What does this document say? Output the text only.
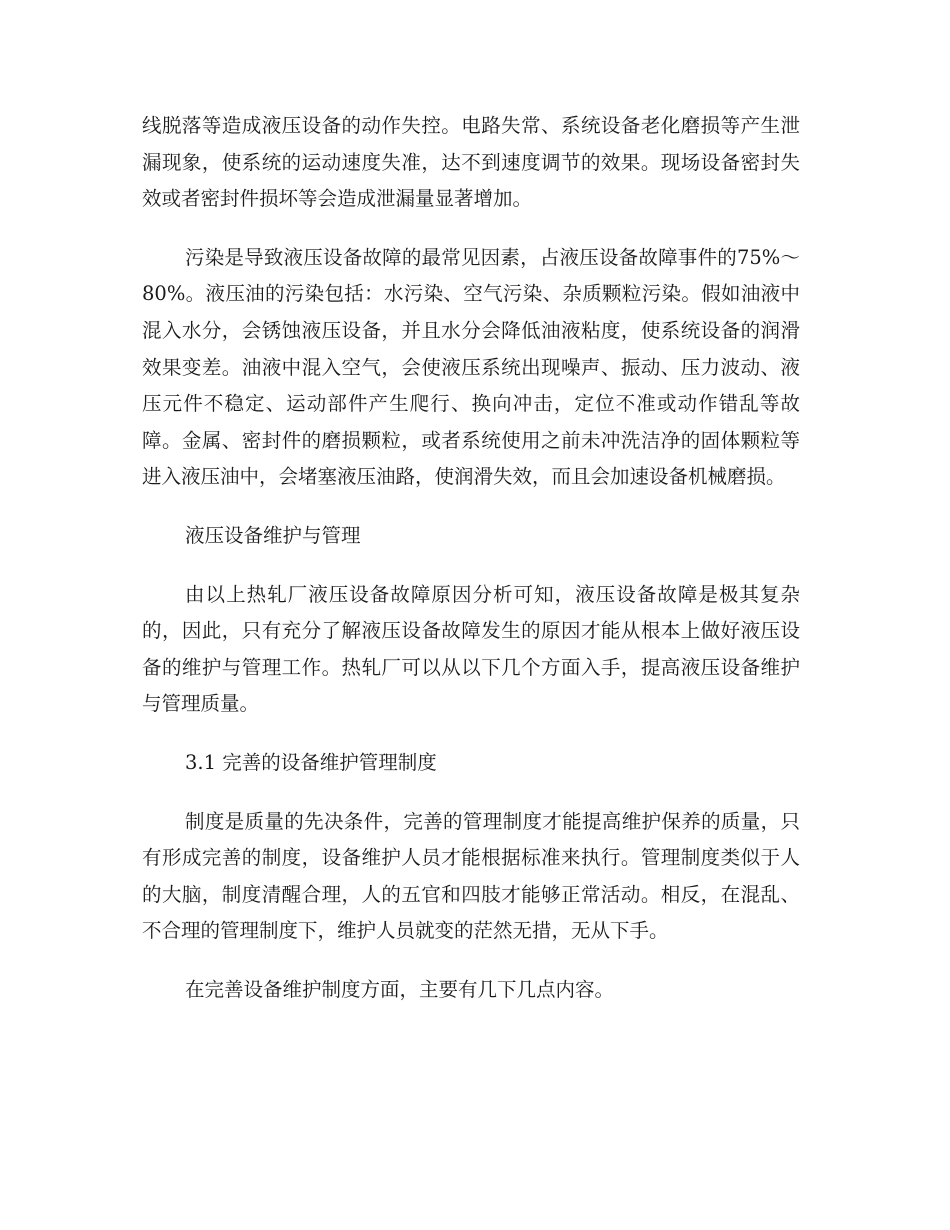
线脱落等造成液压设备的动作失控。电路失常、系统设备老化磨损等产生泄漏现象，使系统的运动速度失准，达不到速度调节的效果。现场设备密封失效或者密封件损坏等会造成泄漏量显著增加。

污染是导致液压设备故障的最常见因素，占液压设备故障事件的75%～80%。液压油的污染包括：水污染、空气污染、杂质颗粒污染。假如油液中混入水分，会锈蚀液压设备，并且水分会降低油液粘度，使系统设备的润滑效果变差。油液中混入空气，会使液压系统出现噪声、振动、压力波动、液压元件不稳定、运动部件产生爬行、换向冲击，定位不准或动作错乱等故障。金属、密封件的磨损颗粒，或者系统使用之前未冲洗洁净的固体颗粒等进入液压油中，会堵塞液压油路，使润滑失效，而且会加速设备机械磨损。

液压设备维护与管理

由以上热轧厂液压设备故障原因分析可知，液压设备故障是极其复杂的，因此，只有充分了解液压设备故障发生的原因才能从根本上做好液压设备的维护与管理工作。热轧厂可以从以下几个方面入手，提高液压设备维护与管理质量。

3.1 完善的设备维护管理制度

制度是质量的先决条件，完善的管理制度才能提高维护保养的质量，只有形成完善的制度，设备维护人员才能根据标准来执行。管理制度类似于人的大脑，制度清醒合理，人的五官和四肢才能够正常活动。相反，在混乱、不合理的管理制度下，维护人员就变的茫然无措，无从下手。

在完善设备维护制度方面，主要有几下几点内容。
